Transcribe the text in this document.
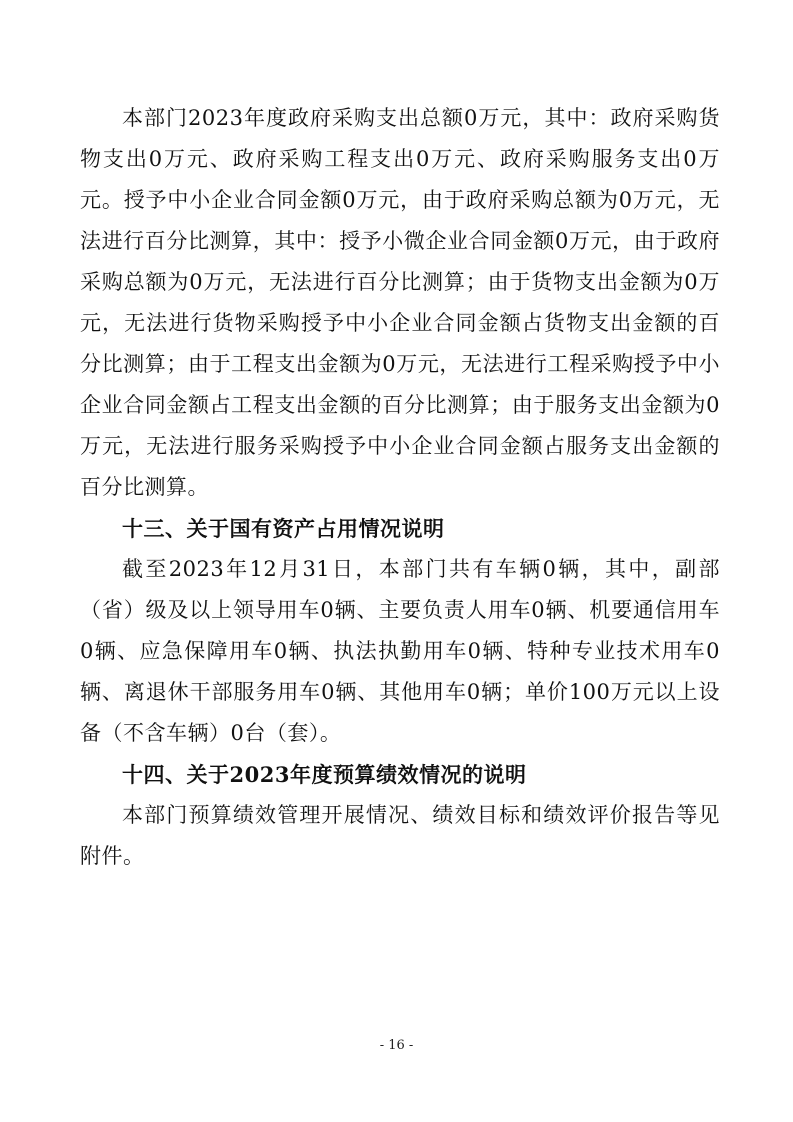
本部门2023年度政府采购支出总额0万元，其中：政府采购货物支出0万元、政府采购工程支出0万元、政府采购服务支出0万元。授予中小企业合同金额0万元，由于政府采购总额为0万元，无法进行百分比测算，其中：授予小微企业合同金额0万元，由于政府采购总额为0万元，无法进行百分比测算；由于货物支出金额为0万元，无法进行货物采购授予中小企业合同金额占货物支出金额的百分比测算；由于工程支出金额为0万元，无法进行工程采购授予中小企业合同金额占工程支出金额的百分比测算；由于服务支出金额为0万元，无法进行服务采购授予中小企业合同金额占服务支出金额的百分比测算。

十三、关于国有资产占用情况说明

截至2023年12月31日，本部门共有车辆0辆，其中，副部（省）级及以上领导用车0辆、主要负责人用车0辆、机要通信用车0辆、应急保障用车0辆、执法执勤用车0辆、特种专业技术用车0辆、离退休干部服务用车0辆、其他用车0辆；单价100万元以上设备（不含车辆）0台（套）。

十四、关于2023年度预算绩效情况的说明

本部门预算绩效管理开展情况、绩效目标和绩效评价报告等见附件。

- 16 -
